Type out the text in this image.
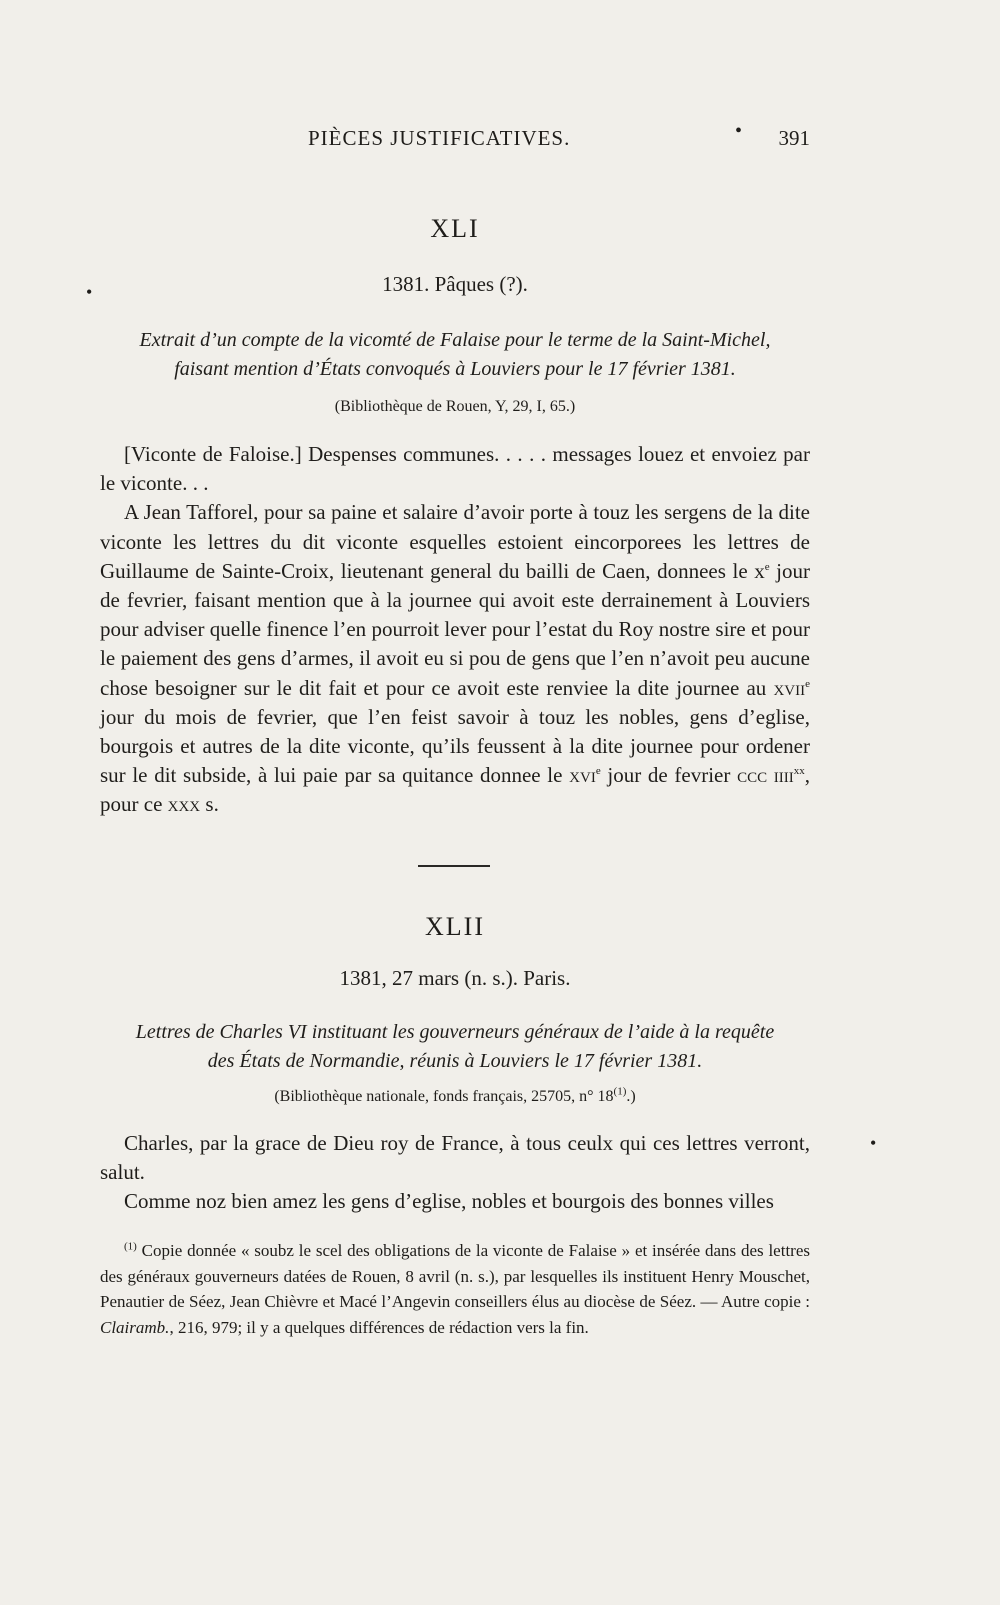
PIÈCES JUSTIFICATIVES.	• 391
XLI
1381. Pâques (?).
•
Extrait d’un compte de la vicomté de Falaise pour le terme de la Saint-Michel,
faisant mention d’États convoqués à Louviers pour le 17 février 1381.
(Bibliothèque de Rouen, Y, 29, I, 65.)

[Viconte de Faloise.] Despenses communes. . . . . messages louez et envoiez par le viconte. . .

A Jean Tafforel, pour sa paine et salaire d’avoir porte à touz les sergens de la dite viconte les lettres du dit viconte esquelles estoient eincorporees les lettres de Guillaume de Sainte-Croix, lieutenant general du bailli de Caen, donnees le $x^e$ jour de fevrier, faisant mention que à la journee qui avoit este derrainement à Louviers pour adviser quelle finence l’en pourroit lever pour l’estat du Roy nostre sire et pour le paiement des gens d’armes, il avoit eu si pou de gens que l’en n’avoit peu aucune chose besoigner sur le dit fait et pour ce avoit este renviee la dite journee au xvii$^e$ jour du mois de fevrier, que l’en feist savoir à touz les nobles, gens d’eglise, bourgois et autres de la dite viconte, qu’ils feussent à la dite journee pour ordener sur le dit subside, à lui paie par sa quitance donnee le xvi$^e$ jour de fevrier ccc iiii$^{xx}$, pour ce xxx s.

XLII
1381, 27 mars (n. s.). Paris.
Lettres de Charles VI instituant les gouverneurs généraux de l’aide à la requête
des États de Normandie, réunis à Louviers le 17 février 1381.
(Bibliothèque nationale, fonds français, 25705, n° 18$^{(1)}$.)

Charles, par la grace de Dieu roy de France, à tous ceulx qui ces lettres verront, salut.

Comme noz bien amez les gens d’eglise, nobles et bourgois des bonnes villes

•

$^{(1)}$ Copie donnée « soubz le scel des obligations de la viconte de Falaise » et insérée dans des lettres des généraux gouverneurs datées de Rouen, 8 avril (n. s.), par lesquelles ils instituent Henry Mouschet, Penautier de Séez, Jean Chièvre et Macé l’Angevin conseillers élus au diocèse de Séez. — Autre copie : Clairamb., 216, 979; il y a quelques différences de rédaction vers la fin.
